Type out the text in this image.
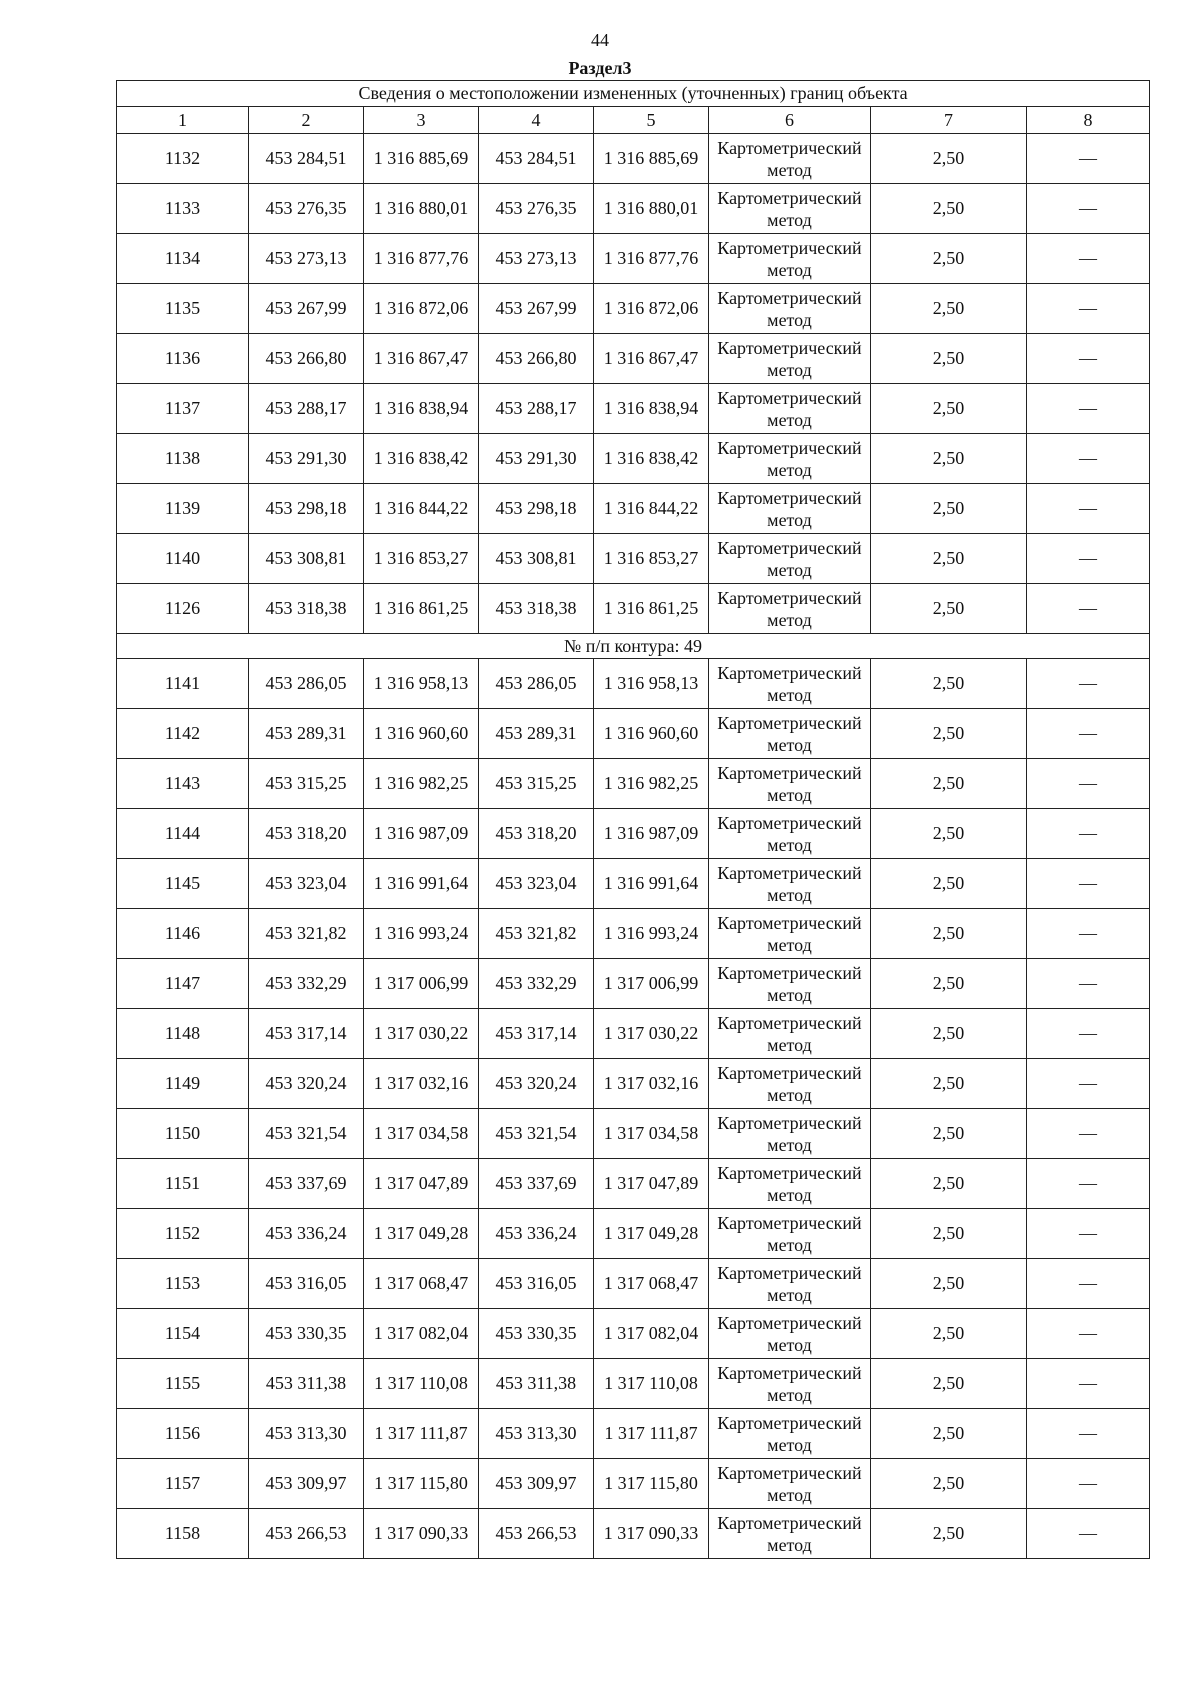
44
Раздел3
Сведения о местоположении измененных (уточненных) границ объекта							
1	2	3	4	5	6	7	8
1132	453 284,51	1 316 885,69	453 284,51	1 316 885,69	Картометрический метод	2,50	—
1133	453 276,35	1 316 880,01	453 276,35	1 316 880,01	Картометрический метод	2,50	—
1134	453 273,13	1 316 877,76	453 273,13	1 316 877,76	Картометрический метод	2,50	—
1135	453 267,99	1 316 872,06	453 267,99	1 316 872,06	Картометрический метод	2,50	—
1136	453 266,80	1 316 867,47	453 266,80	1 316 867,47	Картометрический метод	2,50	—
1137	453 288,17	1 316 838,94	453 288,17	1 316 838,94	Картометрический метод	2,50	—
1138	453 291,30	1 316 838,42	453 291,30	1 316 838,42	Картометрический метод	2,50	—
1139	453 298,18	1 316 844,22	453 298,18	1 316 844,22	Картометрический метод	2,50	—
1140	453 308,81	1 316 853,27	453 308,81	1 316 853,27	Картометрический метод	2,50	—
1126	453 318,38	1 316 861,25	453 318,38	1 316 861,25	Картометрический метод	2,50	—
№ п/п контура: 49							
1141	453 286,05	1 316 958,13	453 286,05	1 316 958,13	Картометрический метод	2,50	—
1142	453 289,31	1 316 960,60	453 289,31	1 316 960,60	Картометрический метод	2,50	—
1143	453 315,25	1 316 982,25	453 315,25	1 316 982,25	Картометрический метод	2,50	—
1144	453 318,20	1 316 987,09	453 318,20	1 316 987,09	Картометрический метод	2,50	—
1145	453 323,04	1 316 991,64	453 323,04	1 316 991,64	Картометрический метод	2,50	—
1146	453 321,82	1 316 993,24	453 321,82	1 316 993,24	Картометрический метод	2,50	—
1147	453 332,29	1 317 006,99	453 332,29	1 317 006,99	Картометрический метод	2,50	—
1148	453 317,14	1 317 030,22	453 317,14	1 317 030,22	Картометрический метод	2,50	—
1149	453 320,24	1 317 032,16	453 320,24	1 317 032,16	Картометрический метод	2,50	—
1150	453 321,54	1 317 034,58	453 321,54	1 317 034,58	Картометрический метод	2,50	—
1151	453 337,69	1 317 047,89	453 337,69	1 317 047,89	Картометрический метод	2,50	—
1152	453 336,24	1 317 049,28	453 336,24	1 317 049,28	Картометрический метод	2,50	—
1153	453 316,05	1 317 068,47	453 316,05	1 317 068,47	Картометрический метод	2,50	—
1154	453 330,35	1 317 082,04	453 330,35	1 317 082,04	Картометрический метод	2,50	—
1155	453 311,38	1 317 110,08	453 311,38	1 317 110,08	Картометрический метод	2,50	—
1156	453 313,30	1 317 111,87	453 313,30	1 317 111,87	Картометрический метод	2,50	—
1157	453 309,97	1 317 115,80	453 309,97	1 317 115,80	Картометрический метод	2,50	—
1158	453 266,53	1 317 090,33	453 266,53	1 317 090,33	Картометрический метод	2,50	—
